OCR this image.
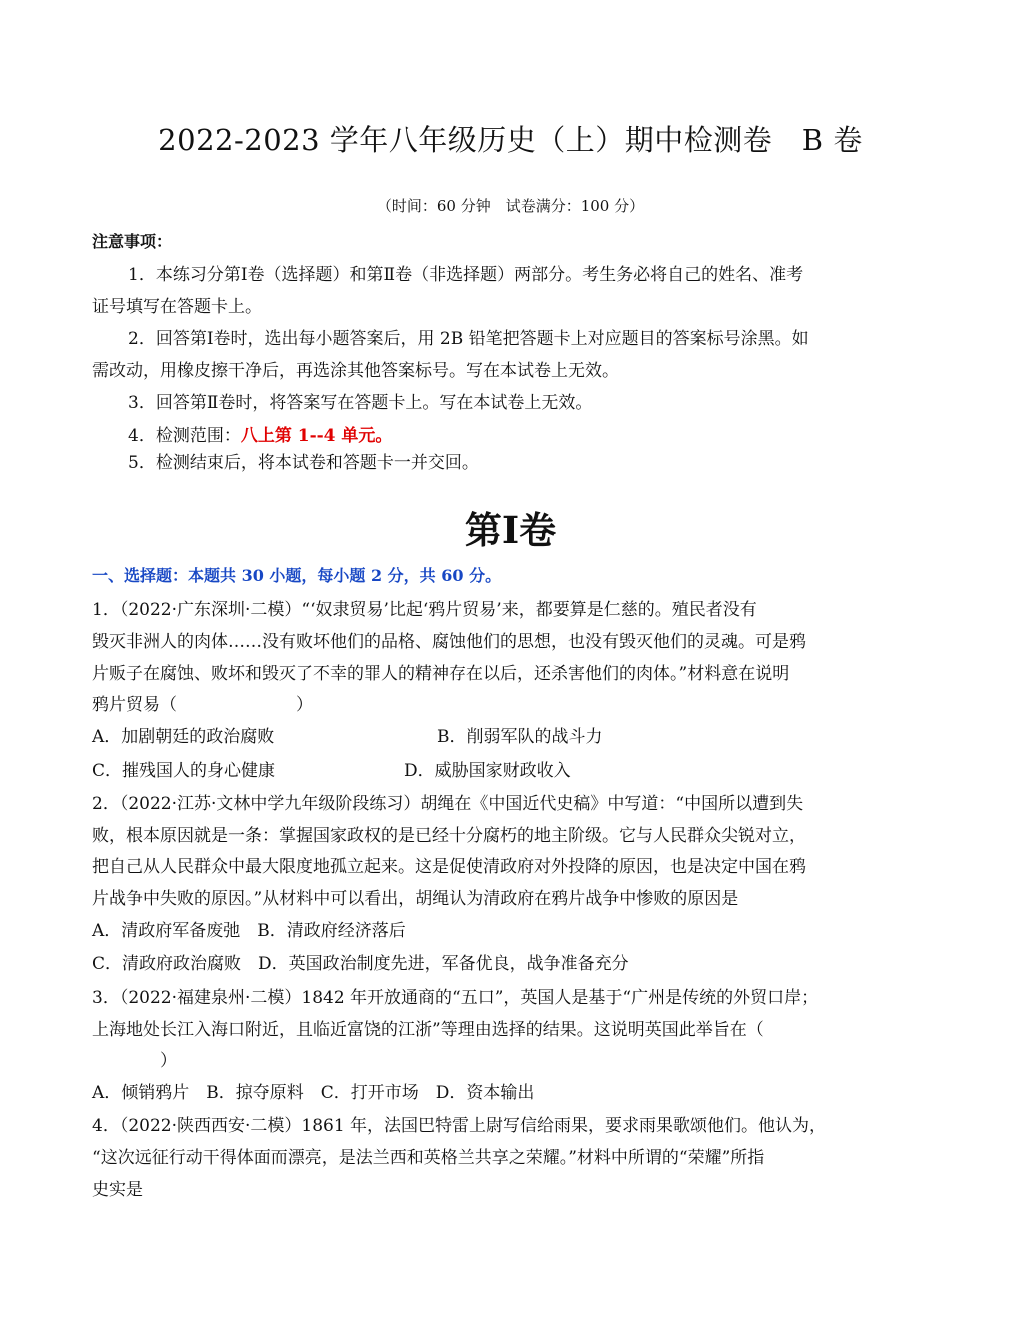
2022-2023 学年八年级历史（上）期中检测卷　B 卷
（时间：60 分钟　试卷满分：100 分）
注意事项：
1．本练习分第Ⅰ卷（选择题）和第Ⅱ卷（非选择题）两部分。考生务必将自己的姓名、准考
证号填写在答题卡上。
2．回答第Ⅰ卷时，选出每小题答案后，用 2B 铅笔把答题卡上对应题目的答案标号涂黑。如
需改动，用橡皮擦干净后，再选涂其他答案标号。写在本试卷上无效。
3．回答第Ⅱ卷时，将答案写在答题卡上。写在本试卷上无效。
4．检测范围：八上第 1--4 单元。
5．检测结束后，将本试卷和答题卡一并交回。
第Ⅰ卷
一、选择题：本题共 30 小题，每小题 2 分，共 60 分。
1．（2022·广东深圳·二模）“‘奴隶贸易’比起‘鸦片贸易’来，都要算是仁慈的。殖民者没有
毁灭非洲人的肉体……没有败坏他们的品格、腐蚀他们的思想，也没有毁灭他们的灵魂。可是鸦
片贩子在腐蚀、败坏和毁灭了不幸的罪人的精神存在以后，还杀害他们的肉体。”材料意在说明
鸦片贸易（　　　　　　　）
A．加剧朝廷的政治腐败	B．削弱军队的战斗力
C．摧残国人的身心健康	D．威胁国家财政收入
2．（2022·江苏·文林中学九年级阶段练习）胡绳在《中国近代史稿》中写道：“中国所以遭到失
败，根本原因就是一条：掌握国家政权的是已经十分腐朽的地主阶级。它与人民群众尖锐对立，
把自己从人民群众中最大限度地孤立起来。这是促使清政府对外投降的原因，也是决定中国在鸦
片战争中失败的原因。”从材料中可以看出，胡绳认为清政府在鸦片战争中惨败的原因是
A．清政府军备废弛　B．清政府经济落后
C．清政府政治腐败　D．英国政治制度先进，军备优良，战争准备充分
3．（2022·福建泉州·二模）1842 年开放通商的“五口”，英国人是基于“广州是传统的外贸口岸；
上海地处长江入海口附近，且临近富饶的江浙”等理由选择的结果。这说明英国此举旨在（
）
A．倾销鸦片　B．掠夺原料　C．打开市场　D．资本输出
4．（2022·陕西西安·二模）1861 年，法国巴特雷上尉写信给雨果，要求雨果歌颂他们。他认为，
“这次远征行动干得体面而漂亮，是法兰西和英格兰共享之荣耀。”材料中所谓的“荣耀”所指
史实是
